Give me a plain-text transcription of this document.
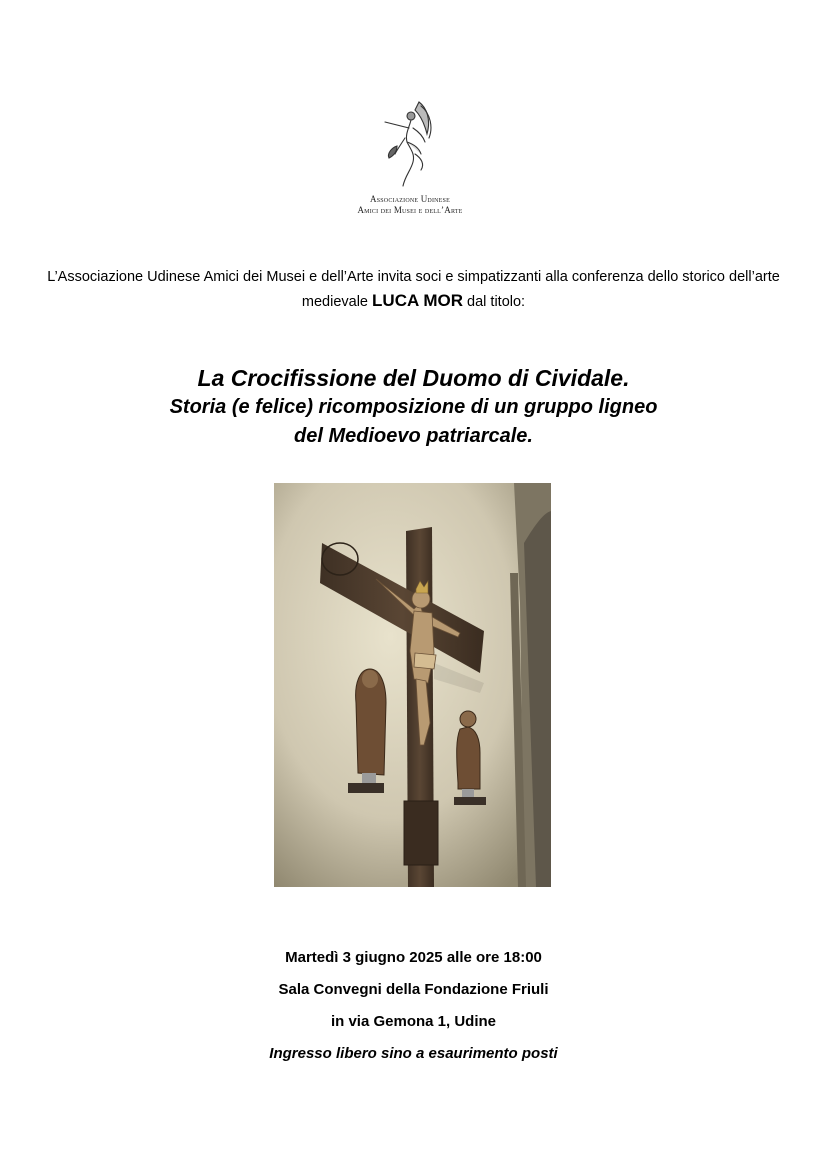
Associazione Udinese
Amici dei Musei e dell’Arte
L’Associazione Udinese Amici dei Musei e dell’Arte invita soci e simpatizzanti alla conferenza dello storico dell’arte medievale LUCA MOR dal titolo:
La Crocifissione del Duomo di Cividale.
Storia (e felice) ricomposizione di un gruppo ligneo
del Medioevo patriarcale.
Martedì 3 giugno 2025 alle ore 18:00
Sala Convegni della Fondazione Friuli
in via Gemona 1, Udine
Ingresso libero sino a esaurimento posti
